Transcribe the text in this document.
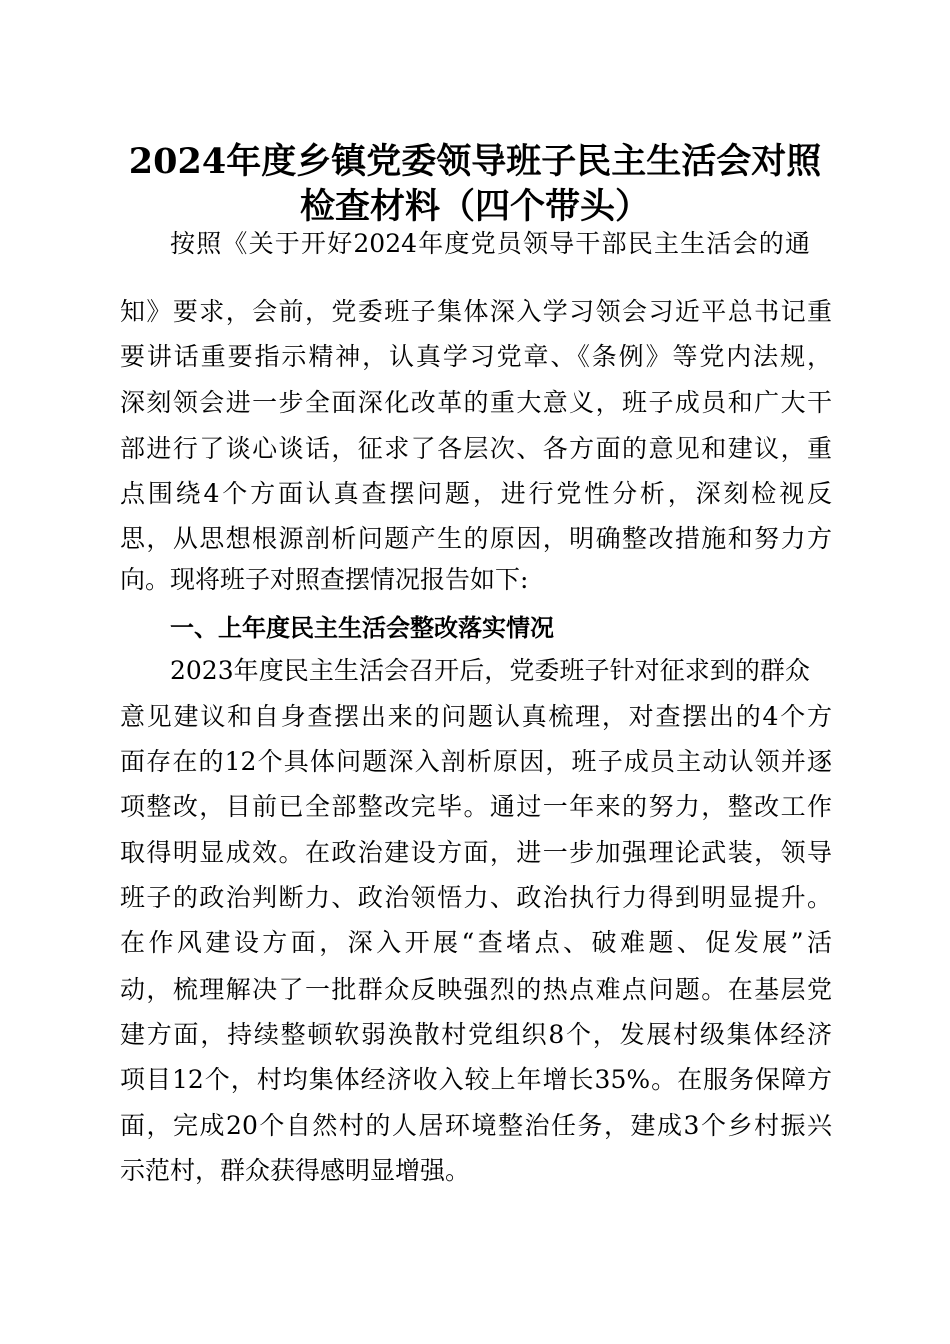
2024年度乡镇党委领导班子民主生活会对照
检查材料（四个带头）

按照《关于开好2024年度党员领导干部民主生活会的通

知》要求，会前，党委班子集体深入学习领会习近平总书记重

要讲话重要指示精神，认真学习党章、《条例》等党内法规，

深刻领会进一步全面深化改革的重大意义，班子成员和广大干

部进行了谈心谈话，征求了各层次、各方面的意见和建议，重

点围绕4个方面认真查摆问题，进行党性分析，深刻检视反

思，从思想根源剖析问题产生的原因，明确整改措施和努力方

向。现将班子对照查摆情况报告如下:

一、上年度民主生活会整改落实情况

2023年度民主生活会召开后，党委班子针对征求到的群众

意见建议和自身查摆出来的问题认真梳理，对查摆出的4个方

面存在的12个具体问题深入剖析原因，班子成员主动认领并逐

项整改，目前已全部整改完毕。通过一年来的努力，整改工作

取得明显成效。在政治建设方面，进一步加强理论武装，领导

班子的政治判断力、政治领悟力、政治执行力得到明显提升。

在作风建设方面，深入开展“查堵点、破难题、促发展”活

动，梳理解决了一批群众反映强烈的热点难点问题。在基层党

建方面，持续整顿软弱涣散村党组织8个，发展村级集体经济

项目12个，村均集体经济收入较上年增长35%。在服务保障方

面，完成20个自然村的人居环境整治任务，建成3个乡村振兴

示范村，群众获得感明显增强。
